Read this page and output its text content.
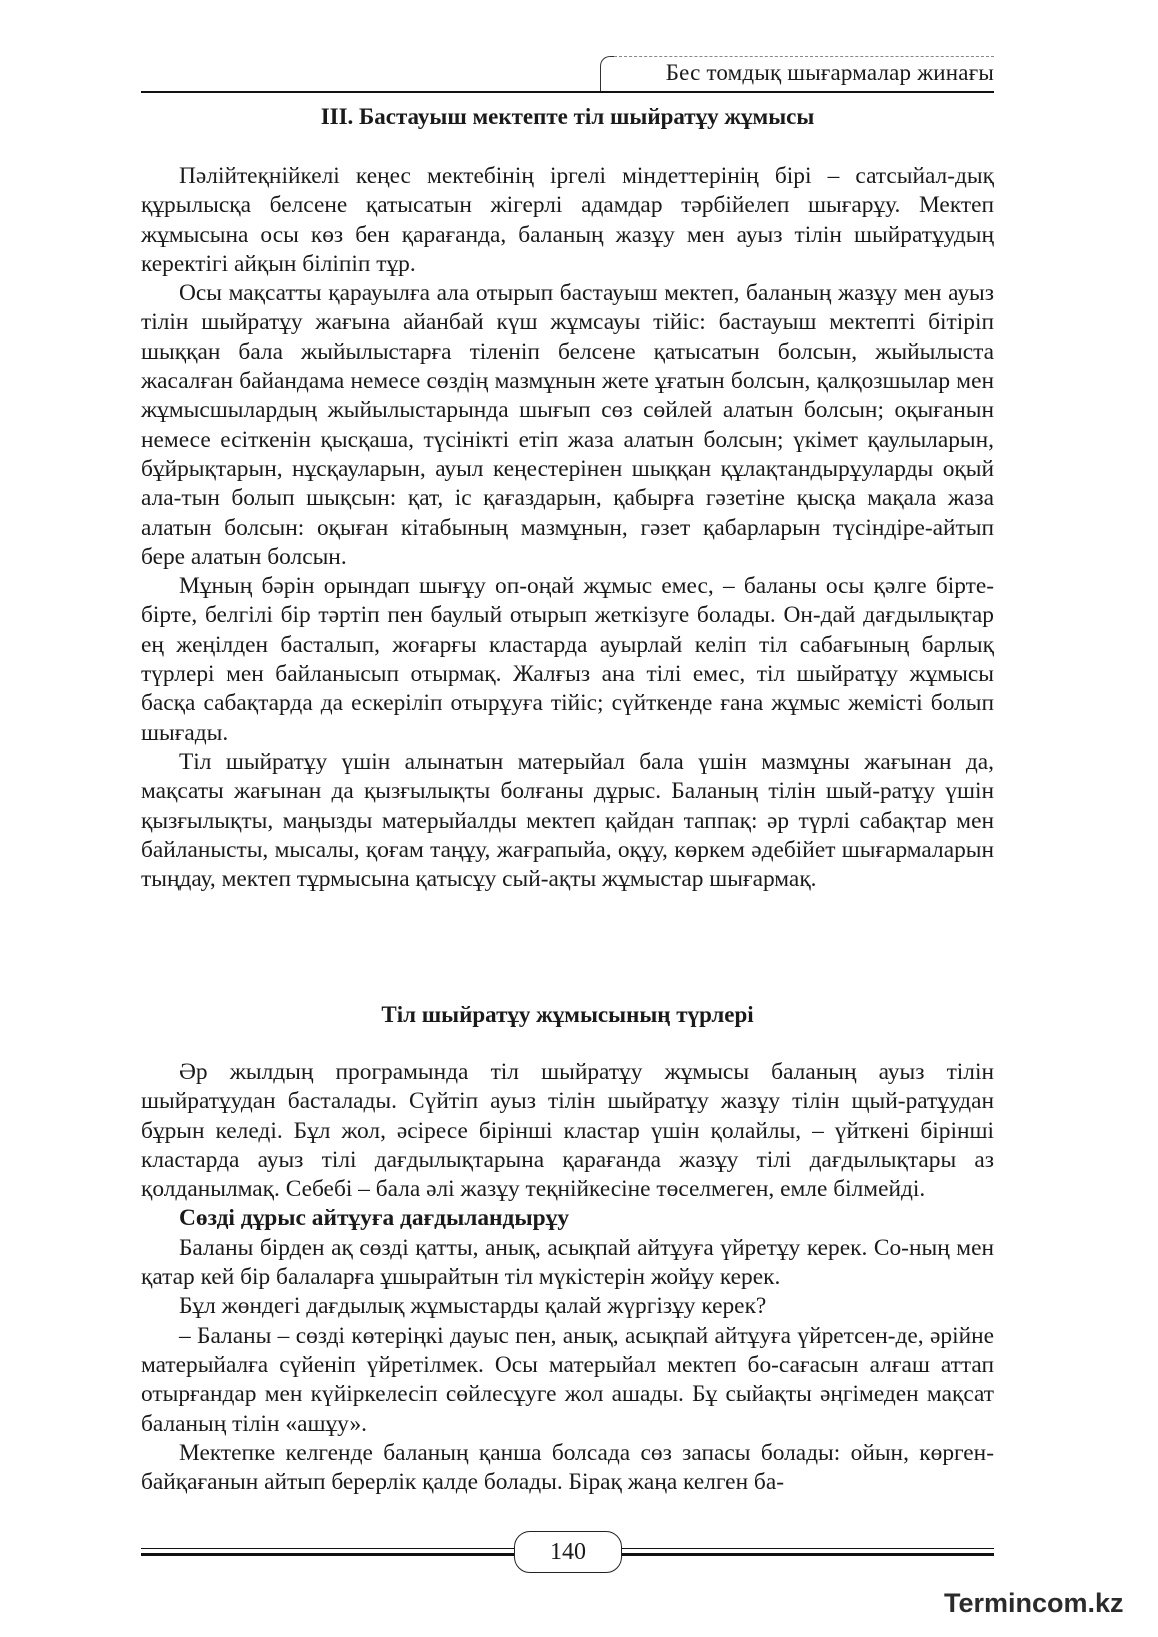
Бес томдық шығармалар жинағы
III. Бастауыш мектепте тіл шыйратұу жұмысы

Пәлійтеқнійкелі кеңес мектебінің іргелі міндеттерінің бірі – сатсыйал-дық құрылысқа белсене қатысатын жігерлі адамдар тәрбійелеп шығарұу. Мектеп жұмысына осы көз бен қарағанда, баланың жазұу мен ауыз тілін шыйратұудың керектігі айқын біліпіп тұр.

Осы мақсатты қарауылға ала отырып бастауыш мектеп, баланың жазұу мен ауыз тілін шыйратұу жағына айанбай күш жұмсауы тійіс: бастауыш мектепті бітіріп шыққан бала жыйылыстарға тіленіп белсене қатысатын болсын, жыйылыста жасалған байандама немесе сөздің мазмұнын жете ұғатын болсын, қалқозшылар мен жұмысшылардың жыйылыстарында шығып сөз сөйлей алатын болсын; оқығанын немесе есіткенін қысқаша, түсінікті етіп жаза алатын болсын; үкімет қаулыларын, бұйрықтарын, нұсқауларын, ауыл кеңестерінен шыққан құлақтандырұуларды оқый ала-тын болып шықсын: қат, іс қағаздарын, қабырға гәзетіне қысқа мақала жаза алатын болсын: оқыған кітабының мазмұнын, гәзет қабарларын түсіндіре-айтып бере алатын болсын.

Мұның бәрін орындап шығұу оп-оңай жұмыс емес, – баланы осы қәлге бірте-бірте, белгілі бір тәртіп пен баулый отырып жеткізуге болады. Он-дай дағдылықтар ең жеңілден басталып, жоғарғы кластарда ауырлай келіп тіл сабағының барлық түрлері мен байланысып отырмақ. Жалғыз ана тілі емес, тіл шыйратұу жұмысы басқа сабақтарда да ескеріліп отырұуға тійіс; сүйткенде ғана жұмыс жемісті болып шығады.

Тіл шыйратұу үшін алынатын матерыйал бала үшін мазмұны жағынан да, мақсаты жағынан да қызғылықты болғаны дұрыс. Баланың тілін шый-ратұу үшін қызғылықты, маңызды матерыйалды мектеп қайдан таппақ: әр түрлі сабақтар мен байланысты, мысалы, қоғам таңұу, жағрапыйа, оқұу, көркем әдебійет шығармаларын тыңдау, мектеп тұрмысына қатысұу сый-ақты жұмыстар шығармақ.

Тіл шыйратұу жұмысының түрлері

Әр жылдың програмында тіл шыйратұу жұмысы баланың ауыз тілін шыйратұудан басталады. Сүйтіп ауыз тілін шыйратұу жазұу тілін щый-ратұудан бұрын келеді. Бұл жол, әсіресе бірінші кластар үшін қолайлы, – үйткені бірінші кластарда ауыз тілі дағдылықтарына қарағанда жазұу тілі дағдылықтары аз қолданылмақ. Себебі – бала әлі жазұу теқнійкесіне төселмеген, емле білмейді.

Сөзді дұрыс айтұуға дағдыландырұу

Баланы бірден ақ сөзді қатты, анық, асықпай айтұуға үйретұу керек. Со-ның мен қатар кей бір балаларға ұшырайтын тіл мүкістерін жойұу керек.

Бұл жөндегі дағдылық жұмыстарды қалай жүргізұу керек?

– Баланы – сөзді көтеріңкі дауыс пен, анық, асықпай айтұуға үйретсен-де, әрійне матерыйалға сүйеніп үйретілмек. Осы матерыйал мектеп бо-сағасын алғаш аттап отырғандар мен күйіркелесіп сөйлесұуге жол ашады. Бұ сыйақты әңгімеден мақсат баланың тілін «ашұу».

Мектепке келгенде баланың қанша болсада сөз запасы болады: ойын, көрген-байқағанын айтып берерлік қалде болады. Бірақ жаңа келген ба-

140
Termincom.kz
